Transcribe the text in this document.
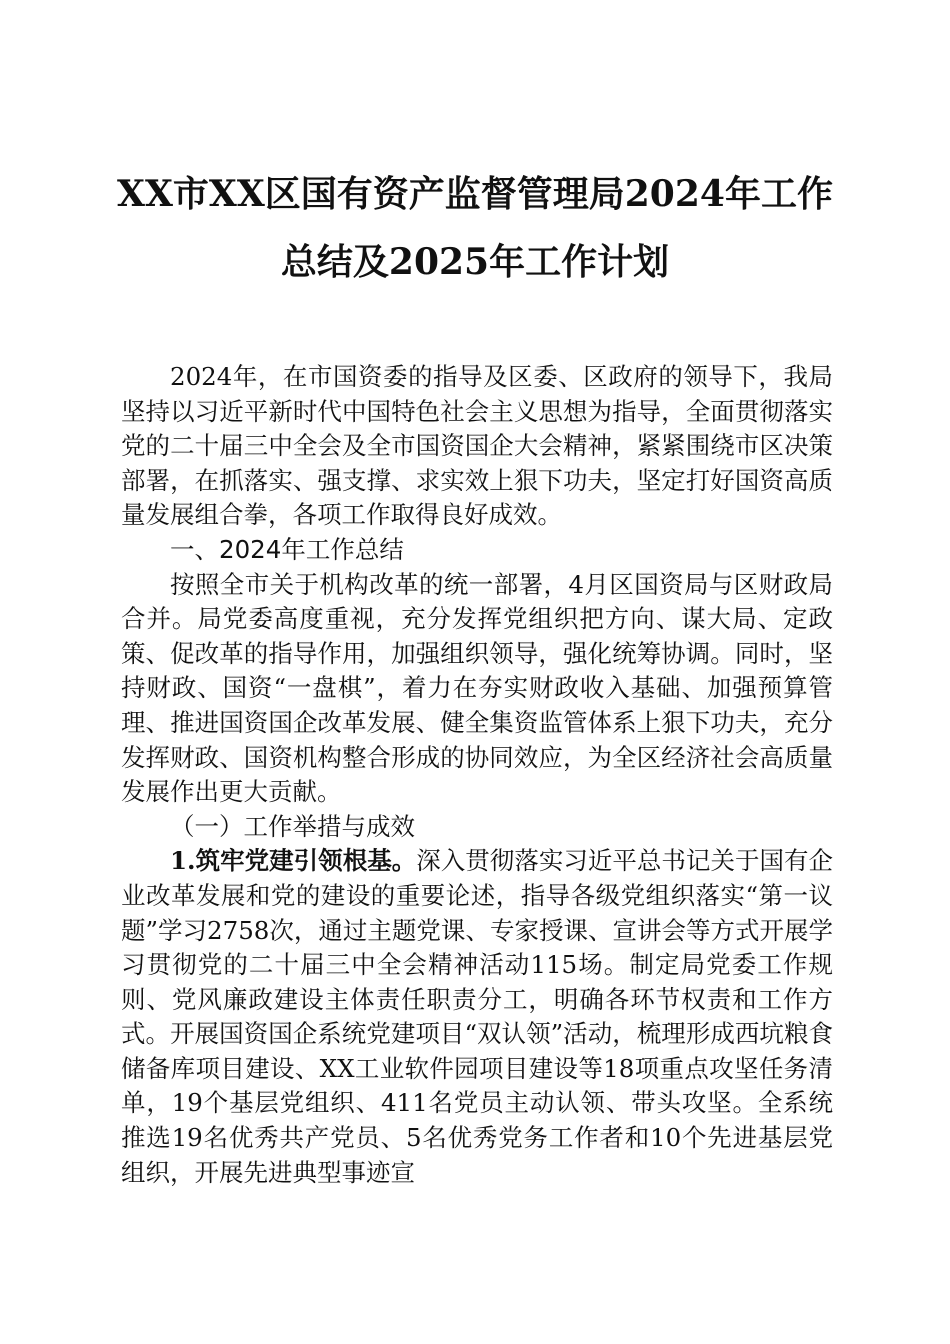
XX市XX区国有资产监督管理局2024年工作
总结及2025年工作计划

2024年，在市国资委的指导及区委、区政府的领导下，我局坚持以习近平新时代中国特色社会主义思想为指导，全面贯彻落实党的二十届三中全会及全市国资国企大会精神，紧紧围绕市区决策部署，在抓落实、强支撑、求实效上狠下功夫，坚定打好国资高质量发展组合拳，各项工作取得良好成效。

一、2024年工作总结

按照全市关于机构改革的统一部署，4月区国资局与区财政局合并。局党委高度重视，充分发挥党组织把方向、谋大局、定政策、促改革的指导作用，加强组织领导，强化统筹协调。同时，坚持财政、国资“一盘棋”，着力在夯实财政收入基础、加强预算管理、推进国资国企改革发展、健全集资监管体系上狠下功夫，充分发挥财政、国资机构整合形成的协同效应，为全区经济社会高质量发展作出更大贡献。

（一）工作举措与成效

1.筑牢党建引领根基。深入贯彻落实习近平总书记关于国有企业改革发展和党的建设的重要论述，指导各级党组织落实“第一议题”学习2758次，通过主题党课、专家授课、宣讲会等方式开展学习贯彻党的二十届三中全会精神活动115场。制定局党委工作规则、党风廉政建设主体责任职责分工，明确各环节权责和工作方式。开展国资国企系统党建项目“双认领”活动，梳理形成西坑粮食储备库项目建设、XX工业软件园项目建设等18项重点攻坚任务清单，19个基层党组织、411名党员主动认领、带头攻坚。全系统推选19名优秀共产党员、5名优秀党务工作者和10个先进基层党组织，开展先进典型事迹宣
